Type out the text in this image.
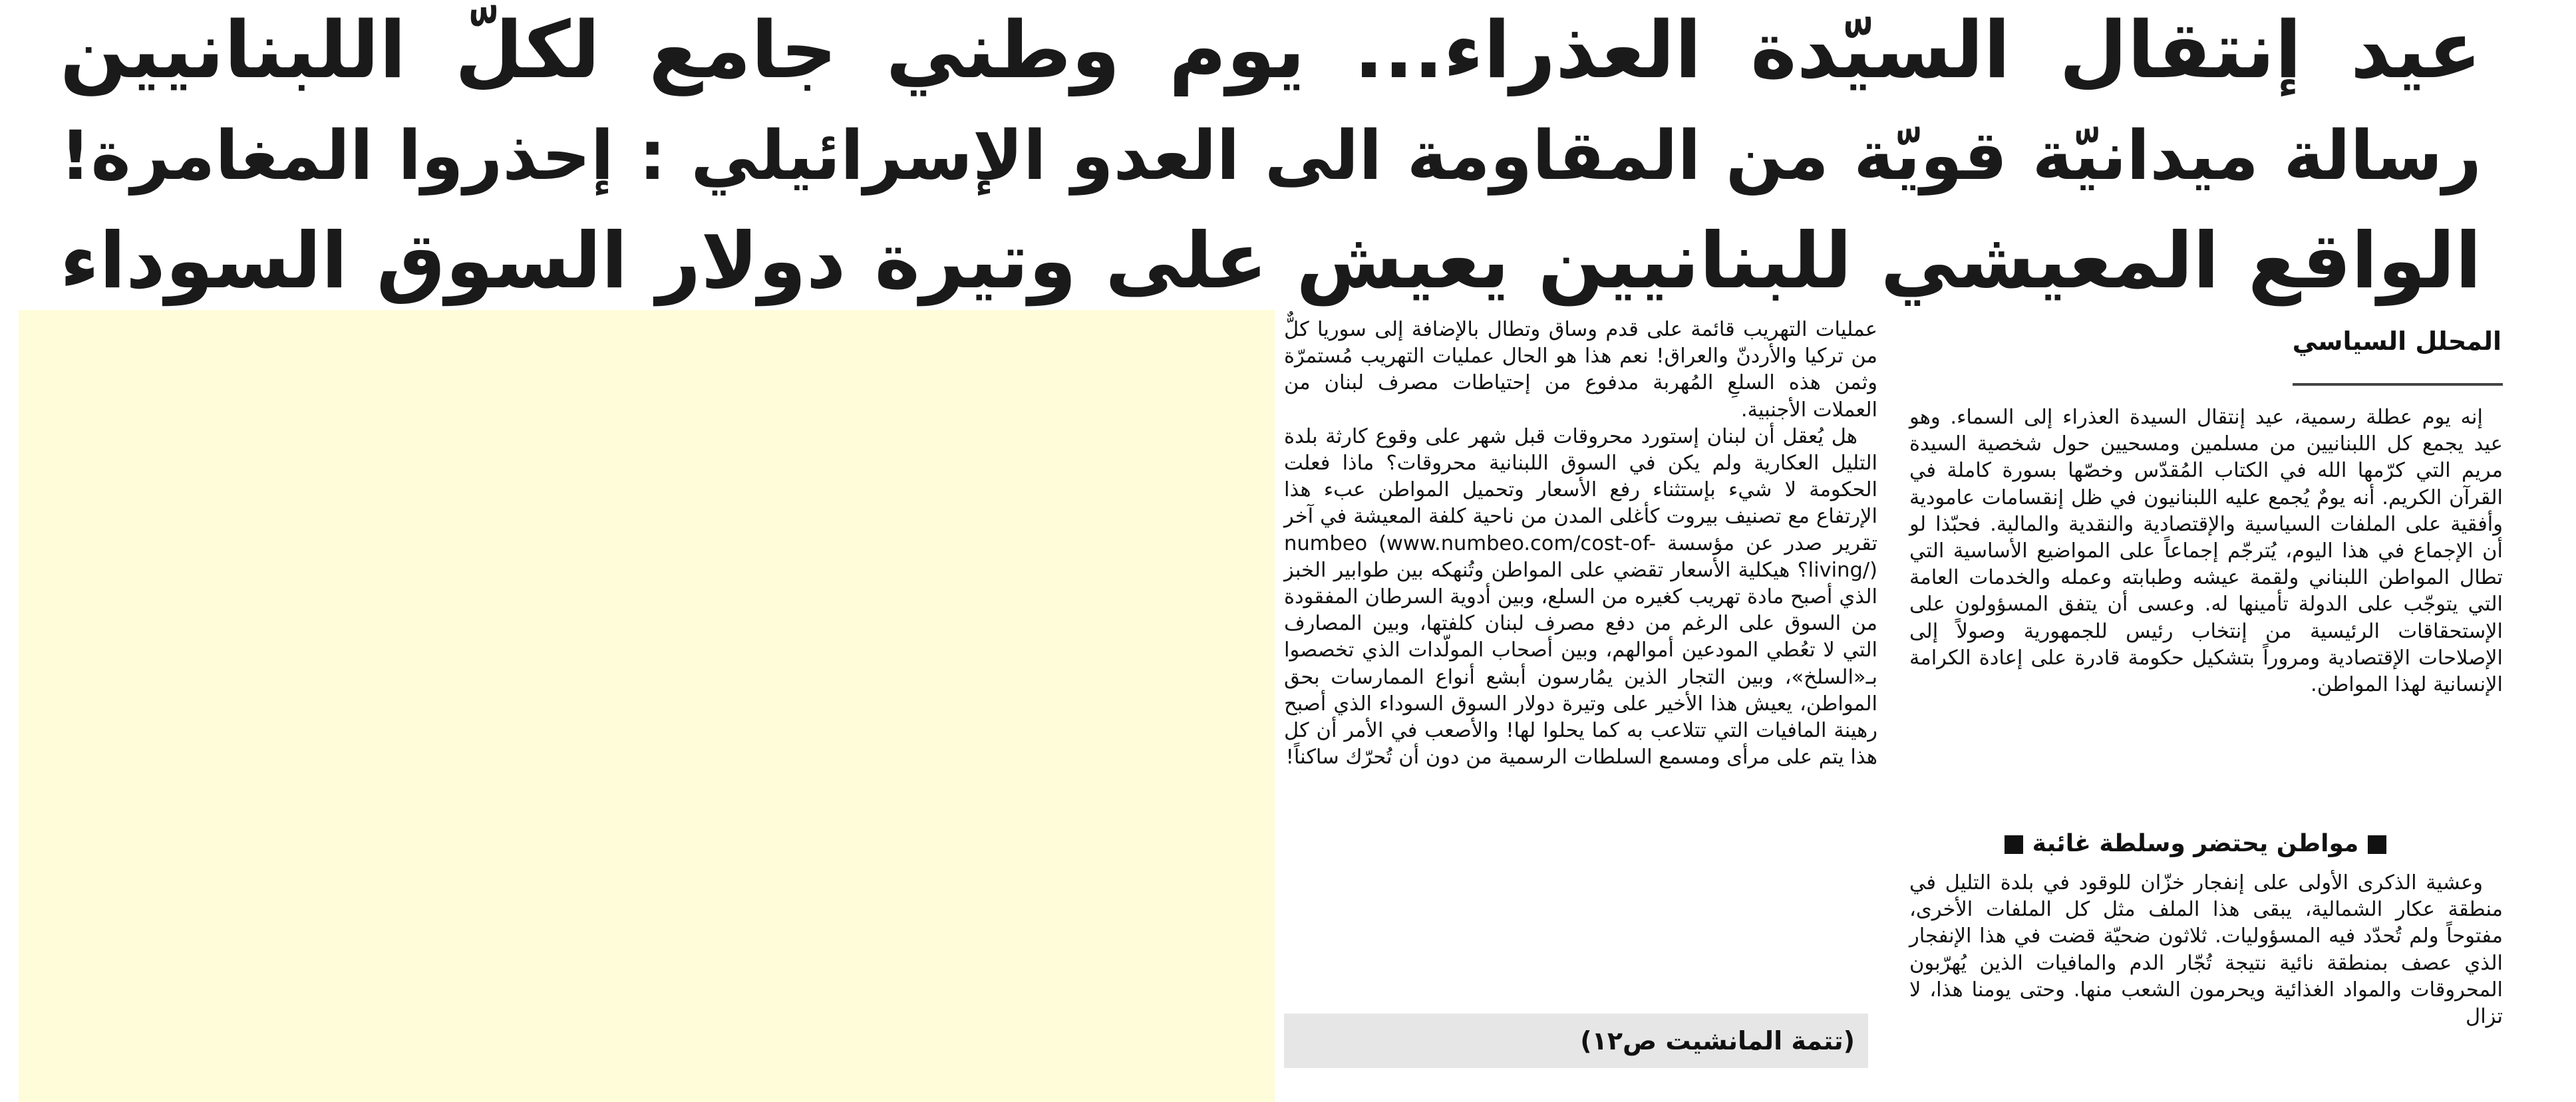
عيد إنتقال السيّدة العذراء... يوم وطني جامع لكلّ اللبنانيين
رسالة ميدانيّة قويّة من المقاومة الى العدو الإسرائيلي : إحذروا المغامرة!
الواقع المعيشي للبنانيين يعيش على وتيرة دولار السوق السوداء
المحلل السياسي

عمليات التهريب قائمة على قدم وساق وتطال بالإضافة إلى سوريا كلٌّ من تركيا والأردنّ والعراق! نعم هذا هو الحال عمليات التهريب مُستمرّة وثمن هذه السلعِ المُهربة مدفوع من إحتياطات مصرف لبنان من العملات الأجنبية.

هل يُعقل أن لبنان إستورد محروقات قبل شهر على وقوع كارثة بلدة التليل العكارية ولم يكن في السوق اللبنانية محروقات؟ ماذا فعلت الحكومة لا شيء بإستثناء رفع الأسعار وتحميل المواطن عبء هذا الإرتفاع مع تصنيف بيروت كأغلى المدن من ناحية كلفة المعيشة في آخر تقرير صدر عن مؤسسة numbeo (www.numbeo.com/cost-of-living/)؟ هيكلية الأسعار تقضي على المواطن وتُنهكه بين طوابير الخبز الذي أصبح مادة تهريب كغيره من السلع، وبين أدوية السرطان المفقودة من السوق على الرغم من دفع مصرف لبنان كلفتها، وبين المصارف التي لا تعُطي المودعين أموالهم، وبين أصحاب المولّدات الذي تخصصوا بـ«السلخ»، وبين التجار الذين يمُارسون أبشع أنواع الممارسات بحق المواطن، يعيش هذا الأخير على وتيرة دولار السوق السوداء الذي أصبح رهينة المافيات التي تتلاعب به كما يحلوا لها! والأصعب في الأمر أن كل هذا يتم على مرأى ومسمع السلطات الرسمية من دون أن تُحرّك ساكناً!

(تتمة المانشيت ص١٢)

إنه يوم عطلة رسمية، عيد إنتقال السيدة العذراء إلى السماء. وهو عيد يجمع كل اللبنانيين من مسلمين ومسحيين حول شخصية السيدة مريم التي كرّمها الله في الكتاب المُقدّس وخصّها بسورة كاملة في القرآن الكريم. أنه يومٌ يُجمع عليه اللبنانيون في ظل إنقسامات عامودية وأفقية على الملفات السياسية والإقتصادية والنقدية والمالية. فحبّذا لو أن الإجماع في هذا اليوم، يُترجّم إجماعاً على المواضيع الأساسية التي تطال المواطن اللبناني ولقمة عيشه وطبابته وعمله والخدمات العامة التي يتوجّب على الدولة تأمينها له. وعسى أن يتفق المسؤولون على الإستحقاقات الرئيسية من إنتخاب رئيس للجمهورية وصولاً إلى الإصلاحات الإقتصادية ومروراً بتشكيل حكومة قادرة على إعادة الكرامة الإنسانية لهذا المواطن.

مواطن يحتضر وسلطة غائبة

وعشية الذكرى الأولى على إنفجار خزّان للوقود في بلدة التليل في منطقة عكار الشمالية، يبقى هذا الملف مثل كل الملفات الأخرى، مفتوحاً ولم تُحدّد فيه المسؤوليات. ثلاثون ضحيّة قضت في هذا الإنفجار الذي عصف بمنطقة نائية نتيجة تُجّار الدم والمافيات الذين يُهرّبون المحروقات والمواد الغذائية ويحرمون الشعب منها. وحتى يومنا هذا، لا تزال
